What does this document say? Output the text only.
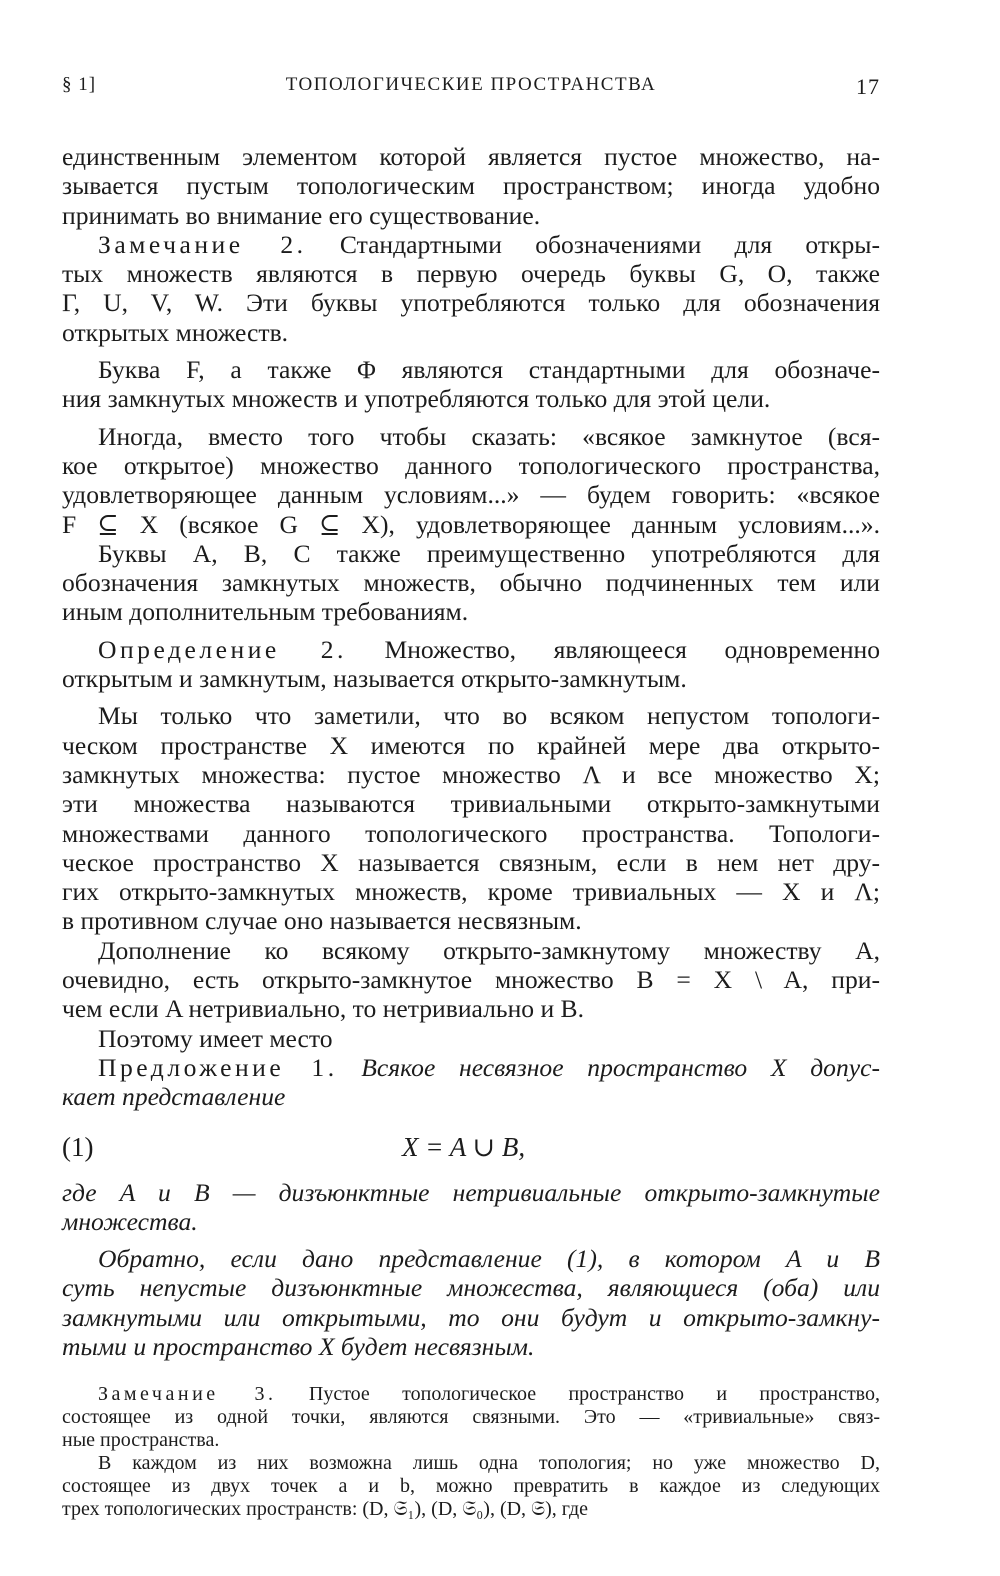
§ 1]	ТОПОЛОГИЧЕСКИЕ ПРОСТРАНСТВА	17

единственным элементом которой является пустое множество, на-
зывается пустым топологическим пространством; иногда удобно
принимать во внимание его существование.

Замечание 2. Стандартными обозначениями для откры-
тых множеств являются в первую очередь буквы G, O, также
Γ, U, V, W. Эти буквы употребляются только для обозначения
открытых множеств.

Буква F, а также Φ являются стандартными для обозначе-
ния замкнутых множеств и употребляются только для этой цели.

Иногда, вместо того чтобы сказать: «всякое замкнутое (вся-
кое открытое) множество данного топологического пространства,
удовлетворяющее данным условиям...» — будем говорить: «всякое
F ⊆ X (всякое G ⊆ X), удовлетворяющее данным условиям...».

Буквы A, B, C также преимущественно употребляются для
обозначения замкнутых множеств, обычно подчиненных тем или
иным дополнительным требованиям.

Определение 2. Множество, являющееся одновременно
открытым и замкнутым, называется открыто-замкнутым.

Мы только что заметили, что во всяком непустом топологи-
ческом пространстве X имеются по крайней мере два открыто-
замкнутых множества: пустое множество Λ и все множество X;
эти множества называются тривиальными открыто-замкнутыми
множествами данного топологического пространства. Топологи-
ческое пространство X называется связным, если в нем нет дру-
гих открыто-замкнутых множеств, кроме тривиальных — X и Λ;
в противном случае оно называется несвязным.

Дополнение ко всякому открыто-замкнутому множеству A,
очевидно, есть открыто-замкнутое множество B = X \ A, при-
чем если A нетривиально, то нетривиально и B.

Поэтому имеет место

Предложение 1. Всякое несвязное пространство X допус-
кает представление

(1)	X = A ∪ B,

где A и B — дизъюнктные нетривиальные открыто-замкнутые
множества.

Обратно, если дано представление (1), в котором A и B
суть непустые дизъюнктные множества, являющиеся (оба) или
замкнутыми или открытыми, то они будут и открыто-замкну-
тыми и пространство X будет несвязным.

Замечание 3. Пустое топологическое пространство и пространство,
состоящее из одной точки, являются связными. Это — «тривиальные» связ-
ные пространства.

В каждом из них возможна лишь одна топология; но уже множество D,
состоящее из двух точек a и b, можно превратить в каждое из следующих
трех топологических пространств: (D, 𝔖₁), (D, 𝔖₀), (D, 𝔖), где
